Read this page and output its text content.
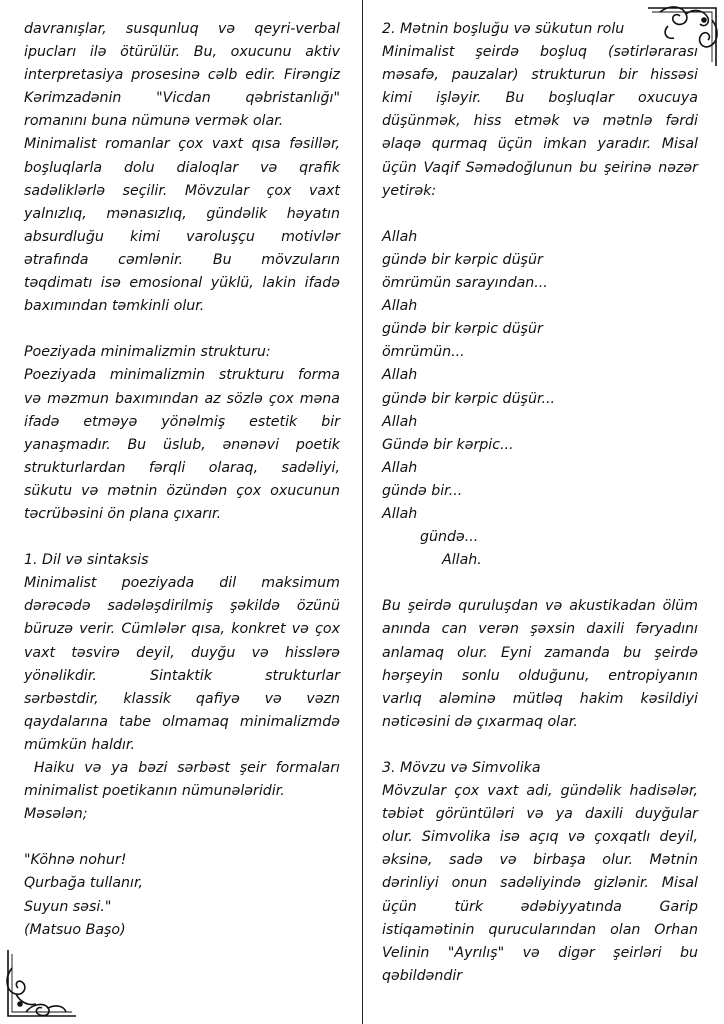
davranışlar, susqunluq və qeyri-verbal
ipucları ilə ötürülür. Bu, oxucunu aktiv
interpretasiya prosesinə cəlb edir. Firəngiz
Kərimzadənin "Vicdan qəbristanlığı"
romanını buna nümunə vermək olar.
Minimalist romanlar çox vaxt qısa fəsillər,
boşluqlarla dolu dialoqlar və qrafik
sadəliklərlə seçilir. Mövzular çox vaxt
yalnızlıq, mənasızlıq, gündəlik həyatın
absurdluğu kimi varoluşçu motivlər
ətrafında cəmlənir. Bu mövzuların
təqdimatı isə emosional yüklü, lakin ifadə
baxımından təmkinli olur.
Poeziyada minimalizmin strukturu:
Poeziyada minimalizmin strukturu forma
və məzmun baxımından az sözlə çox məna
ifadə etməyə yönəlmiş estetik bir
yanaşmadır. Bu üslub, ənənəvi poetik
strukturlardan fərqli olaraq, sadəliyi,
sükutu və mətnin özündən çox oxucunun
təcrübəsini ön plana çıxarır.
1. Dil və sintaksis
Minimalist poeziyada dil maksimum
dərəcədə sadələşdirilmiş şəkildə özünü
büruzə verir. Cümlələr qısa, konkret və çox
vaxt təsvirə deyil, duyğu və hisslərə
yönəlikdir. Sintaktik strukturlar
sərbəstdir, klassik qafiyə və vəzn
qaydalarına tabe olmamaq minimalizmdə
mümkün haldır.
Haiku və ya bəzi sərbəst şeir formaları
minimalist poetikanın nümunələridir.
Məsələn;
"Köhnə nohur!
Qurbağa tullanır,
Suyun səsi."
(Matsuo Başo)
2. Mətnin boşluğu və sükutun rolu
Minimalist şeirdə boşluq (sətirlərarası
məsafə, pauzalar) strukturun bir hissəsi
kimi işləyir. Bu boşluqlar oxucuya
düşünmək, hiss etmək və mətnlə fərdi
əlaqə qurmaq üçün imkan yaradır. Misal
üçün Vaqif Səmədoğlunun bu şeirinə nəzər
yetirək:
Allah
gündə bir kərpic düşür
ömrümün sarayından...
Allah
gündə bir kərpic düşür
ömrümün...
Allah
gündə bir kərpic düşür...
Allah
Gündə bir kərpic...
Allah
gündə bir...
Allah
gündə...
Allah.
Bu şeirdə quruluşdan və akustikadan ölüm
anında can verən şəxsin daxili fəryadını
anlamaq olur. Eyni zamanda bu şeirdə
hərşeyin sonlu olduğunu, entropiyanın
varlıq aləminə mütləq hakim kəsildiyi
nəticəsini də çıxarmaq olar.
3. Mövzu və Simvolika
Mövzular çox vaxt adi, gündəlik hadisələr,
təbiət görüntüləri və ya daxili duyğular
olur. Simvolika isə açıq və çoxqatlı deyil,
əksinə, sadə və birbaşa olur. Mətnin
dərinliyi onun sadəliyində gizlənir. Misal
üçün türk ədəbiyyatında Garip
istiqamətinin qurucularından olan Orhan
Velinin "Ayrılış" və digər şeirləri bu
qəbildəndir
